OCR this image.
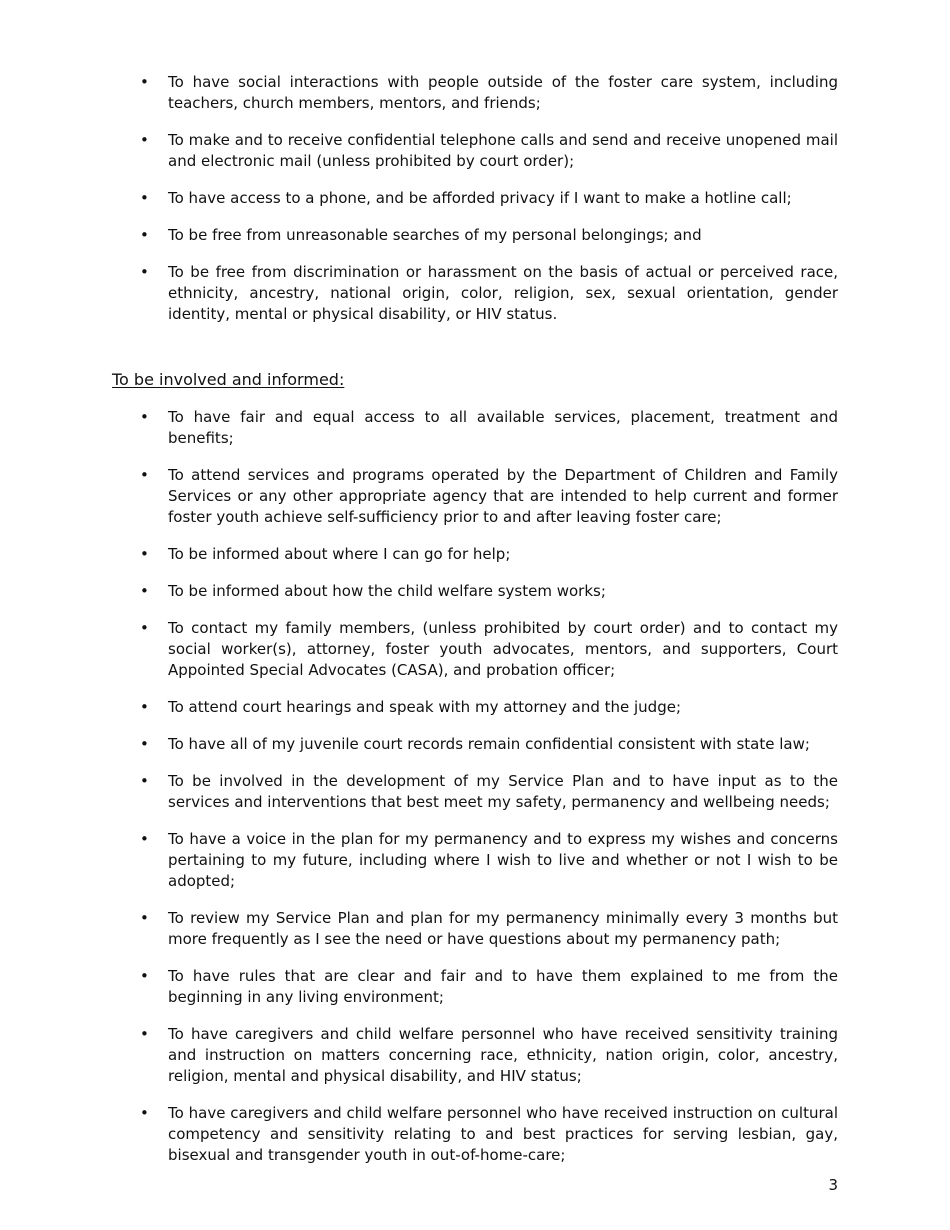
• To have social interactions with people outside of the foster care system, including teachers, church members, mentors, and friends;
• To make and to receive confidential telephone calls and send and receive unopened mail and electronic mail (unless prohibited by court order);
• To have access to a phone, and be afforded privacy if I want to make a hotline call;
• To be free from unreasonable searches of my personal belongings; and
• To be free from discrimination or harassment on the basis of actual or perceived race, ethnicity, ancestry, national origin, color, religion, sex, sexual orientation, gender identity, mental or physical disability, or HIV status.
To be involved and informed:
• To have fair and equal access to all available services, placement, treatment and benefits;
• To attend services and programs operated by the Department of Children and Family Services or any other appropriate agency that are intended to help current and former foster youth achieve self-sufficiency prior to and after leaving foster care;
• To be informed about where I can go for help;
• To be informed about how the child welfare system works;
• To contact my family members, (unless prohibited by court order) and to contact my social worker(s), attorney, foster youth advocates, mentors, and supporters, Court Appointed Special Advocates (CASA), and probation officer;
• To attend court hearings and speak with my attorney and the judge;
• To have all of my juvenile court records remain confidential consistent with state law;
• To be involved in the development of my Service Plan and to have input as to the services and interventions that best meet my safety, permanency and wellbeing needs;
• To have a voice in the plan for my permanency and to express my wishes and concerns pertaining to my future, including where I wish to live and whether or not I wish to be adopted;
• To review my Service Plan and plan for my permanency minimally every 3 months but more frequently as I see the need or have questions about my permanency path;
• To have rules that are clear and fair and to have them explained to me from the beginning in any living environment;
• To have caregivers and child welfare personnel who have received sensitivity training and instruction on matters concerning race, ethnicity, nation origin, color, ancestry, religion, mental and physical disability, and HIV status;
• To have caregivers and child welfare personnel who have received instruction on cultural competency and sensitivity relating to and best practices for serving lesbian, gay, bisexual and transgender youth in out-of-home-care;
3
